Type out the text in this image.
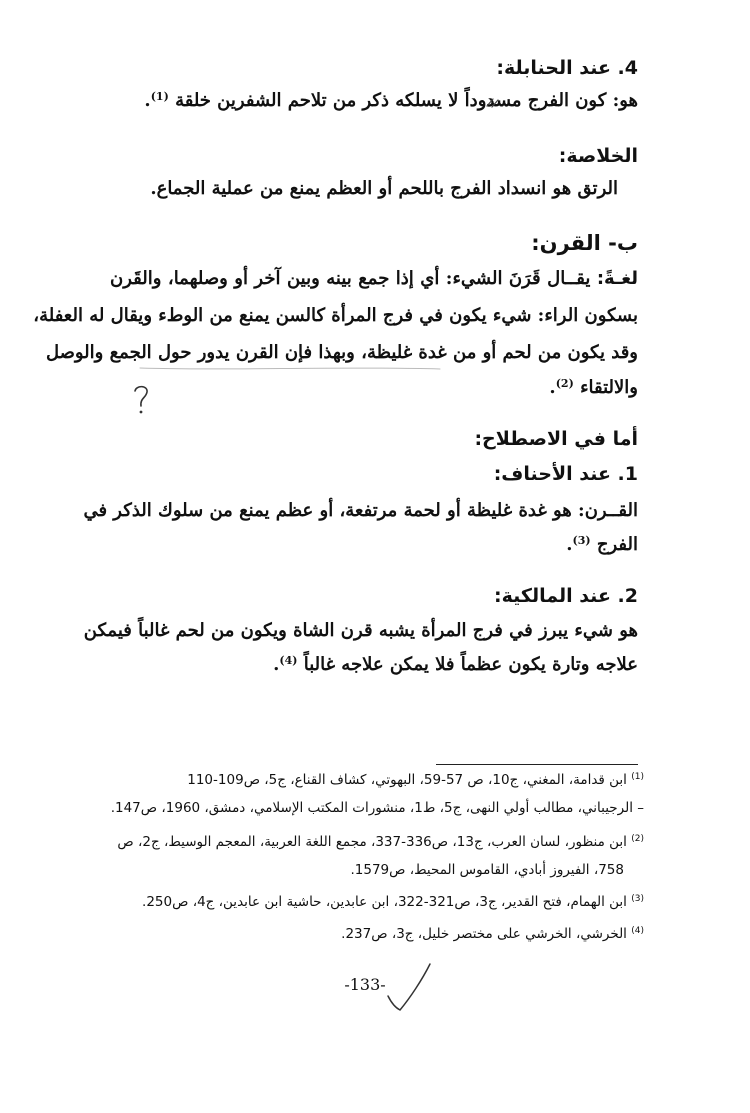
4. عند الحنابلة:
هو: كون الفرج مسدوداً لا يسلكه ذكر من تلاحم الشفرين خلقة $^{(1)}$.
الخلاصة:
الرتق هو انسداد الفرج باللحم أو العظم يمنع من عملية الجماع.
ب- القرن:
لغـةً: يقــال قَرَنَ الشيء: أي إذا جمع بينه وبين آخر أو وصلهما، والقَرن
بسكون الراء: شيء يكون في فرج المرأة كالسن يمنع من الوطء ويقال له العفلة،
وقد يكون من لحم أو من غدة غليظة، وبهذا فإن القرن يدور حول الجمع والوصل
والالتقاء $^{(2)}$.
أما في الاصطلاح:
1. عند الأحناف:
القــرن: هو غدة غليظة أو لحمة مرتفعة، أو عظم يمنع من سلوك الذكر في
الفرج $^{(3)}$.
2. عند المالكية:
هو شيء يبرز في فرج المرأة يشبه قرن الشاة ويكون من لحم غالباً فيمكن
علاجه وتارة يكون عظماً فلا يمكن علاجه غالباً $^{(4)}$.
$^{(1)}$ ابن قدامة، المغني، ج10، ص 57-59، البهوتي، كشاف القناع، ج5، ص109-110
– الرجيباني، مطالب أولي النهى، ج5، ط1، منشورات المكتب الإسلامي، دمشق، 1960، ص147.
$^{(2)}$ ابن منظور، لسان العرب، ج13، ص336-337، مجمع اللغة العربية، المعجم الوسيط، ج2، ص
758، الفيروز أبادي، القاموس المحيط، ص1579.
$^{(3)}$ ابن الهمام، فتح القدير، ج3، ص321-322، ابن عابدين، حاشية ابن عابدين، ج4، ص250.
$^{(4)}$ الخرشي، الخرشي على مختصر خليل، ج3، ص237.
-133-
